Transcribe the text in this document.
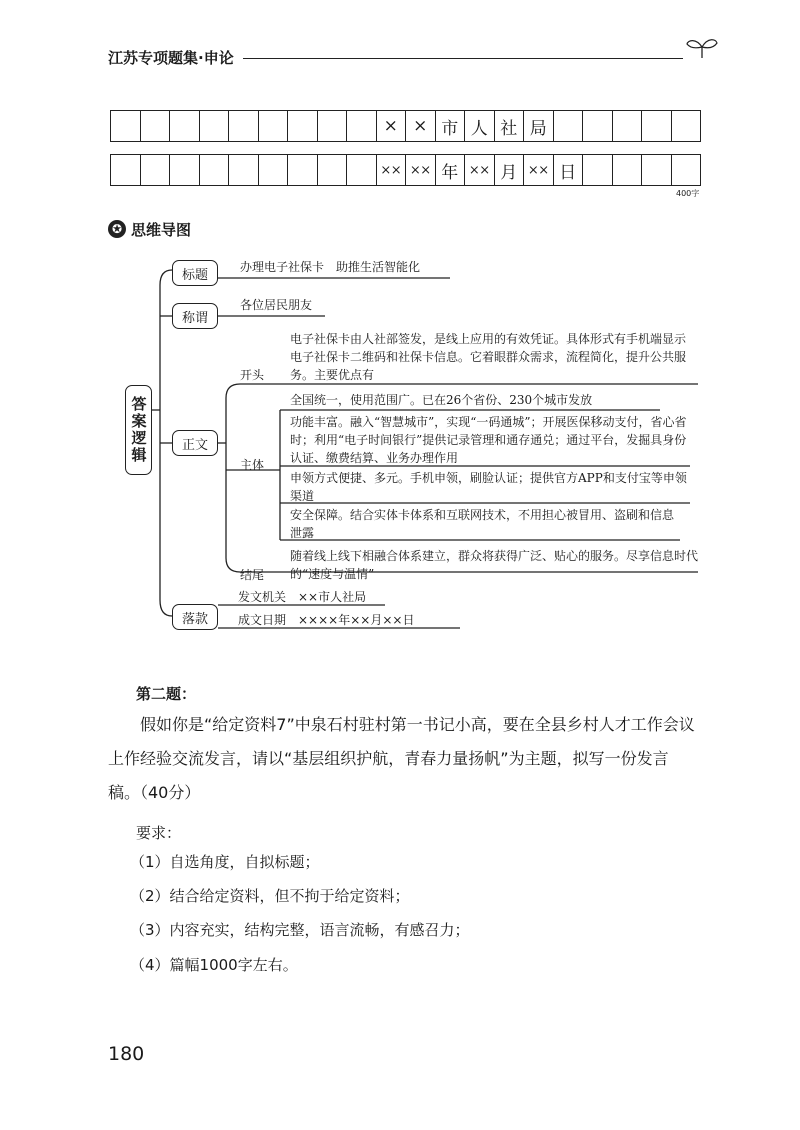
江苏专项题集·申论
× × 市 人 社 局
×× ×× 年 ×× 月 ×× 日
400字
✪ 思维导图
答案逻辑
标题
办理电子社保卡　助推生活智能化
称谓
各位居民朋友
正文
开头
电子社保卡由人社部签发，是线上应用的有效凭证。具体形式有手机端显示电子社保卡二维码和社保卡信息。它着眼群众需求，流程简化，提升公共服务。主要优点有
主体
全国统一，使用范围广。已在26个省份、230个城市发放
功能丰富。融入“智慧城市”，实现“一码通城”；开展医保移动支付，省心省时；利用“电子时间银行”提供记录管理和通存通兑；通过平台，发掘具身份认证、缴费结算、业务办理作用
申领方式便捷、多元。手机申领，刷脸认证；提供官方APP和支付宝等申领渠道
安全保障。结合实体卡体系和互联网技术，不用担心被冒用、盗刷和信息泄露
结尾
随着线上线下相融合体系建立，群众将获得广泛、贴心的服务。尽享信息时代的“速度与温情”
落款
发文机关　××市人社局
成文日期　××××年××月××日
第二题：
假如你是“给定资料7”中泉石村驻村第一书记小高，要在全县乡村人才工作会议上作经验交流发言，请以“基层组织护航，青春力量扬帆”为主题，拟写一份发言稿。（40分）
要求：
（1）自选角度，自拟标题；
（2）结合给定资料，但不拘于给定资料；
（3）内容充实，结构完整，语言流畅，有感召力；
（4）篇幅1000字左右。
180
